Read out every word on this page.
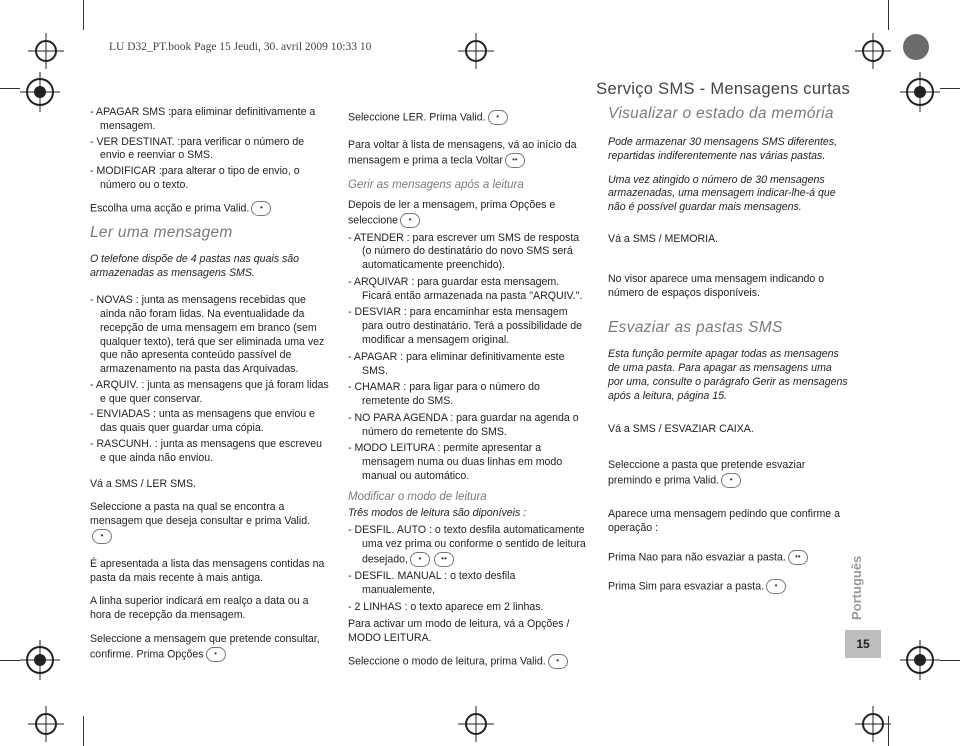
LU D32_PT.book Page 15 Jeudi, 30. avril 2009 10:33 10
Serviço SMS - Mensagens curtas
Português
15
- APAGAR SMS :para eliminar definitivamente a mensagem.
- VER DESTINAT. :para verificar o número de envio e reenviar o SMS.
- MODIFICAR :para alterar o tipo de envio, o número ou o texto.

Escolha uma acção e prima Valid. •

Ler uma mensagem

O telefone dispõe de 4 pastas nas quais são armazenadas as mensagens SMS.

- NOVAS : junta as mensagens recebidas que ainda não foram lidas. Na eventualidade da recepção de uma mensagem em branco (sem qualquer texto), terá que ser eliminada uma vez que não apresenta conteúdo passível de armazenamento na pasta das Arquivadas.
- ARQUIV. : junta as mensagens que já foram lidas e que quer conservar.
- ENVIADAS : unta as mensagens que enviou e das quais quer guardar uma cópia.
- RASCUNH. : junta as mensagens que escreveu e que ainda não enviou.

Vá a SMS / LER SMS.

Seleccione a pasta na qual se encontra a mensagem que deseja consultar e prima Valid.•

É apresentada a lista das mensagens contidas na pasta da mais recente à mais antiga.

A linha superior indicará em realço a data ou a hora de recepção da mensagem.

Seleccione a mensagem que pretende consultar, confirme. Prima Opções •

Seleccione LER. Prima Valid. •

Para voltar à lista de mensagens, vá ao início da mensagem e prima a tecla Voltar ••

Gerir as mensagens após a leitura

Depois de ler a mensagem, prima Opções e seleccione •

- ATENDER : para escrever um SMS de resposta (o número do destinatário do novo SMS será automaticamente preenchido).
- ARQUIVAR : para guardar esta mensagem. Ficará então armazenada na pasta "ARQUIV.".
- DESVIAR : para encaminhar esta mensagem para outro destinatário. Terá a possibilidade de modificar a mensagem original.
- APAGAR : para eliminar definitivamente este SMS.
- CHAMAR : para ligar para o número do remetente do SMS.
- NO PARA AGENDA : para guardar na agenda o número do remetente do SMS.
- MODO LEITURA : permite apresentar a mensagem numa ou duas linhas em modo manual ou automático.
Modificar o modo de leitura

Três modos de leitura são diponíveis :

- DESFIL. AUTO : o texto desfila automaticamente uma vez prima ou conforme o sentido de leitura desejado, • ••
- DESFIL. MANUAL : o texto desfila manualemente,
- 2 LINHAS : o texto aparece em 2 linhas.

Para activar um modo de leitura, vá a Opções / MODO LEITURA.

Seleccione o modo de leitura, prima Valid. •

Visualizar o estado da memória

Pode armazenar 30 mensagens SMS diferentes, repartidas indiferentemente nas várias pastas.

Uma vez atingido o número de 30 mensagens armazenadas, uma mensagem indicar-lhe-á que não é possível guardar mais mensagens.

Vá a SMS / MEMORIA.

No visor aparece uma mensagem indicando o número de espaços disponíveis.

Esvaziar as pastas SMS

Esta função permite apagar todas as mensagens de uma pasta. Para apagar as mensagens uma por uma, consulte o parágrafo Gerir as mensagens após a leitura, página 15.

Vá a SMS / ESVAZIAR CAIXA.

Seleccione a pasta que pretende esvaziar premindo e prima Valid. •

Aparece uma mensagem pedindo que confirme a operação :

Prima Nao para não esvaziar a pasta. ••
Prima Sim para esvaziar a pasta. •
